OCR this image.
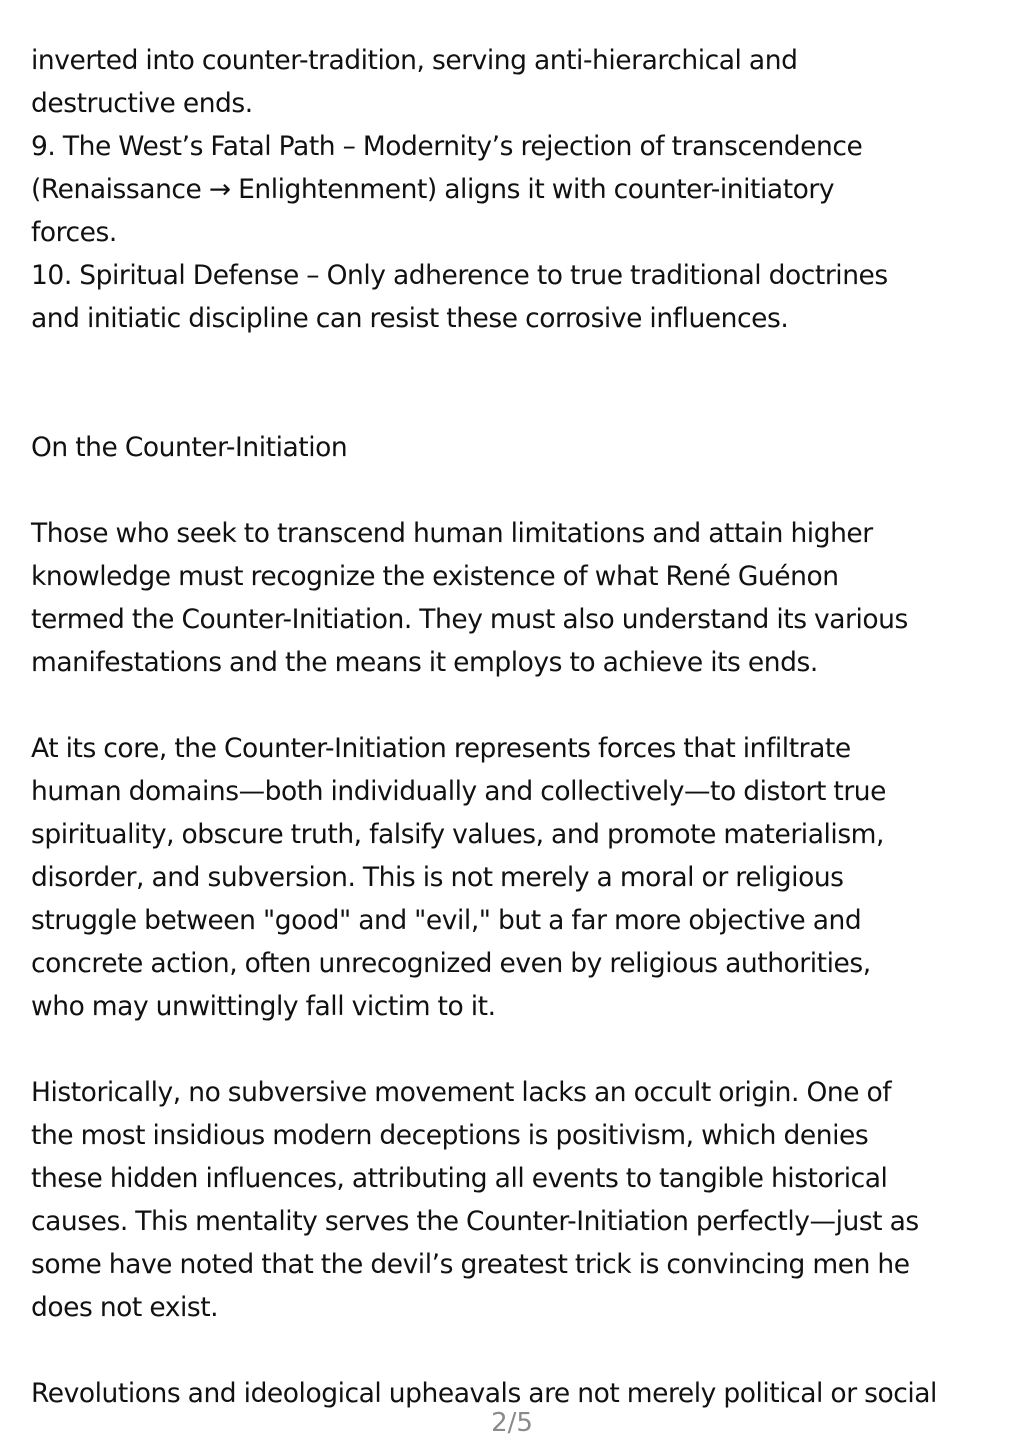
inverted into counter-tradition, serving anti-hierarchical and
destructive ends.
9. The West’s Fatal Path – Modernity’s rejection of transcendence
(Renaissance → Enlightenment) aligns it with counter-initiatory
forces.
10. Spiritual Defense – Only adherence to true traditional doctrines
and initiatic discipline can resist these corrosive influences.
On the Counter-Initiation
Those who seek to transcend human limitations and attain higher
knowledge must recognize the existence of what René Guénon
termed the Counter-Initiation. They must also understand its various
manifestations and the means it employs to achieve its ends.
At its core, the Counter-Initiation represents forces that infiltrate
human domains—both individually and collectively—to distort true
spirituality, obscure truth, falsify values, and promote materialism,
disorder, and subversion. This is not merely a moral or religious
struggle between "good" and "evil," but a far more objective and
concrete action, often unrecognized even by religious authorities,
who may unwittingly fall victim to it.
Historically, no subversive movement lacks an occult origin. One of
the most insidious modern deceptions is positivism, which denies
these hidden influences, attributing all events to tangible historical
causes. This mentality serves the Counter-Initiation perfectly—just as
some have noted that the devil’s greatest trick is convincing men he
does not exist.
Revolutions and ideological upheavals are not merely political or social
2/5
